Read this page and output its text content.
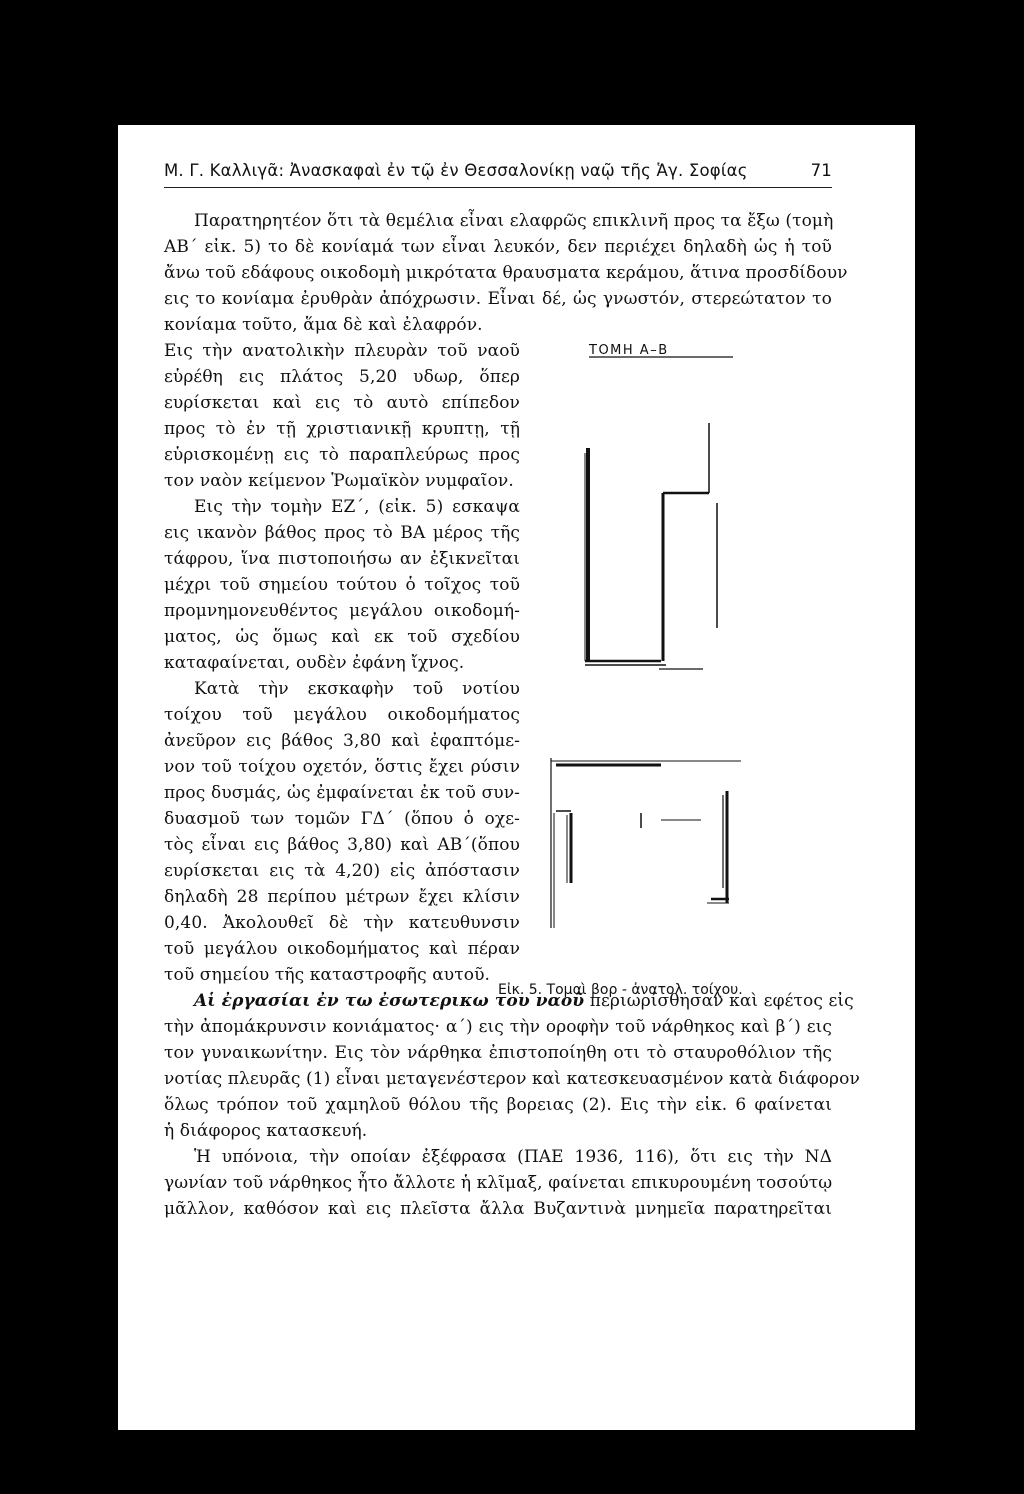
Μ. Γ. Καλλιγᾶ: Ἀνασκαφαὶ ἐν τῷ ἐν Θεσσαλονίκῃ ναῷ τῆς Ἁγ. Σοφίας	71
Παρατηρητέον ὅτι τὰ θεμέλια εἶναι ελαφρῶς επικλινῆ προς τα ἔξω (τομὴ
ΑΒ΄ εἰκ. 5) το δὲ κονίαμά των εἶναι λευκόν, δεν περιέχει δηλαδὴ ὡς ἡ τοῦ
ἄνω τοῦ εδάφους οικοδομὴ μικρότατα θραυσματα κεράμου, ἅτινα προσδίδουν
εις το κονίαμα ἐρυθρὰν ἀπόχρωσιν. Εἶναι δέ, ὡς γνωστόν, στερεώτατον το
κονίαμα τοῦτο, ἅμα δὲ καὶ ἐλαφρόν.
Εις τὴν ανατολικὴν πλευρὰν τοῦ ναοῦ
εὑρέθη εις πλάτος 5,20 υδωρ, ὅπερ
ευρίσκεται καὶ εις τὸ αυτὸ επίπεδον
προς τὸ ἐν τῇ χριστιανικῇ κρυπτῃ, τῇ
εὑρισκομένῃ εις τὸ παραπλεύρως προς
τον ναὸν κείμενον Ῥωμαϊκὸν νυμφαῖον.
Εις τὴν τομὴν ΕΖ΄, (εἰκ. 5) εσκαψα
εις ικανὸν βάθος προς τὸ ΒΑ μέρος τῆς
τάφρου, ἵνα πιστοποιήσω αν ἐξικνεῖται
μέχρι τοῦ σημείου τούτου ὁ τοῖχος τοῦ
προμνημονευθέντος μεγάλου οικοδομή-
ματος, ὡς ὅμως καὶ εκ τοῦ σχεδίου
καταφαίνεται, ουδὲν ἐφάνη ἴχνος.
Κατὰ τὴν εκσκαφὴν τοῦ νοτίου
τοίχου τοῦ μεγάλου οικοδομήματος
ἀνεῦρον εις βάθος 3,80 καὶ ἐφαπτόμε-
νον τοῦ τοίχου οχετόν, ὅστις ἔχει ρύσιν
προς δυσμάς, ὡς ἐμφαίνεται ἐκ τοῦ συν-
δυασμοῦ των τομῶν ΓΔ΄ (ὅπου ὁ οχε-
τὸς εἶναι εις βάθος 3,80) καὶ ΑΒ΄(ὅπου
ευρίσκεται εις τὰ 4,20) εἰς ἀπόστασιν
δηλαδὴ 28 περίπου μέτρων ἔχει κλίσιν
0,40. Ἀκολουθεῖ δὲ τὴν κατευθυνσιν
τοῦ μεγάλου οικοδομήματος καὶ πέραν
τοῦ σημείου τῆς καταστροφῆς αυτοῦ.
ΤΟΜΗ Α–Β
Εἰκ. 5. Τομαὶ βορ - ἀνατολ. τοίχου.
Αἱ ἐργασίαι ἐν τω ἐσωτερικω του ναοῦ περιωρίσθησαν καὶ εφέτος εἰς
τὴν ἀπομάκρυνσιν κονιάματος· α΄) εις τὴν οροφὴν τοῦ νάρθηκος καὶ β΄) εις
τον γυναικωνίτην. Εις τὸν νάρθηκα ἐπιστοποίηθη οτι τὸ σταυροθόλιον τῆς
νοτίας πλευρᾶς (1) εἶναι μεταγενέστερον καὶ κατεσκευασμένον κατὰ διάφορον
ὅλως τρόπον τοῦ χαμηλοῦ θόλου τῆς βορειας (2). Εις τὴν εἰκ. 6 φαίνεται
ἡ διάφορος κατασκευή.
Ἡ υπόνοια, τὴν οποίαν ἐξέφρασα (ΠΑΕ 1936, 116), ὅτι εις τὴν ΝΔ
γωνίαν τοῦ νάρθηκος ἦτο ἄλλοτε ἡ κλῖμαξ, φαίνεται επικυρουμένη τοσούτῳ
μᾶλλον, καθόσον καὶ εις πλεῖστα ἄλλα Βυζαντινὰ μνημεῖα παρατηρεῖται
